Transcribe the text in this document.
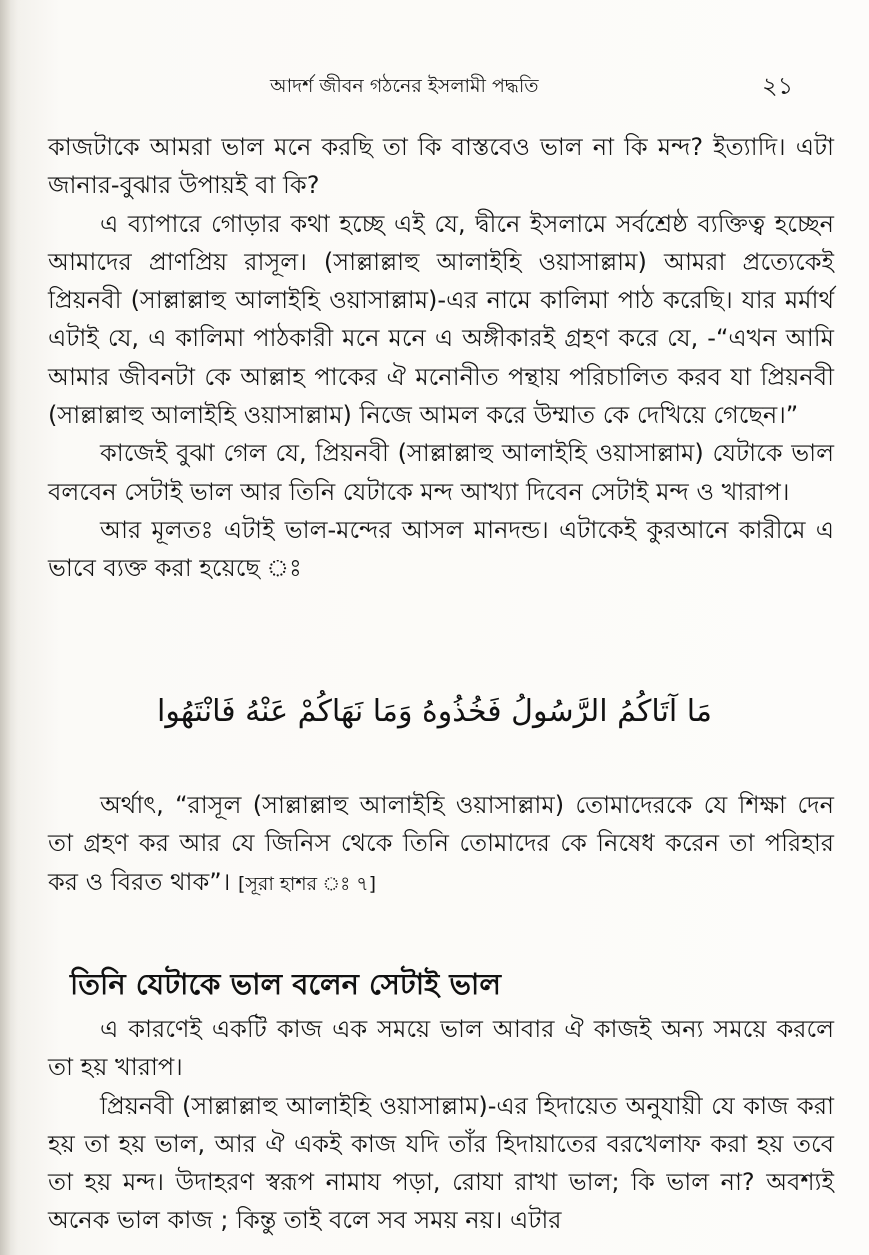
আদর্শ জীবন গঠনের ইসলামী পদ্ধতি	২১

কাজটাকে আমরা ভাল মনে করছি তা কি বাস্তবেও ভাল না কি মন্দ? ইত্যাদি। এটা জানার-বুঝার উপায়ই বা কি?

এ ব্যাপারে গোড়ার কথা হচ্ছে এই যে, দ্বীনে ইসলামে সর্বশ্রেষ্ঠ ব্যক্তিত্ব হচ্ছেন আমাদের প্রাণপ্রিয় রাসূল। (সাল্লাল্লাহু আলাইহি ওয়াসাল্লাম) আমরা প্রত্যেকেই প্রিয়নবী (সাল্লাল্লাহু আলাইহি ওয়াসাল্লাম)-এর নামে কালিমা পাঠ করেছি। যার মর্মার্থ এটাই যে, এ কালিমা পাঠকারী মনে মনে এ অঙ্গীকারই গ্রহণ করে যে, -“এখন আমি আমার জীবনটা কে আল্লাহ পাকের ঐ মনোনীত পন্থায় পরিচালিত করব যা প্রিয়নবী (সাল্লাল্লাহু আলাইহি ওয়াসাল্লাম) নিজে আমল করে উম্মাত কে দেখিয়ে গেছেন।”

কাজেই বুঝা গেল যে, প্রিয়নবী (সাল্লাল্লাহু আলাইহি ওয়াসাল্লাম) যেটাকে ভাল বলবেন সেটাই ভাল আর তিনি যেটাকে মন্দ আখ্যা দিবেন সেটাই মন্দ ও খারাপ।

আর মূলতঃ এটাই ভাল-মন্দের আসল মানদন্ড। এটাকেই কুরআনে কারীমে এ ভাবে ব্যক্ত করা হয়েছে ঃ

مَا آتَاكُمُ الرَّسُولُ فَخُذُوهُ وَمَا نَهَاكُمْ عَنْهُ فَانْتَهُوا

অর্থাৎ, “রাসূল (সাল্লাল্লাহু আলাইহি ওয়াসাল্লাম) তোমাদেরকে যে শিক্ষা দেন তা গ্রহণ কর আর যে জিনিস থেকে তিনি তোমাদের কে নিষেধ করেন তা পরিহার কর ও বিরত থাক”। [সূরা হাশর ঃ ৭]

তিনি যেটাকে ভাল বলেন সেটাই ভাল

এ কারণেই একটি কাজ এক সময়ে ভাল আবার ঐ কাজই অন্য সময়ে করলে তা হয় খারাপ।

প্রিয়নবী (সাল্লাল্লাহু আলাইহি ওয়াসাল্লাম)-এর হিদায়েত অনুযায়ী যে কাজ করা হয় তা হয় ভাল, আর ঐ একই কাজ যদি তাঁর হিদায়াতের বরখেলাফ করা হয় তবে তা হয় মন্দ। উদাহরণ স্বরূপ নামায পড়া, রোযা রাখা ভাল; কি ভাল না? অবশ্যই অনেক ভাল কাজ ; কিন্তু তাই বলে সব সময় নয়। এটার
